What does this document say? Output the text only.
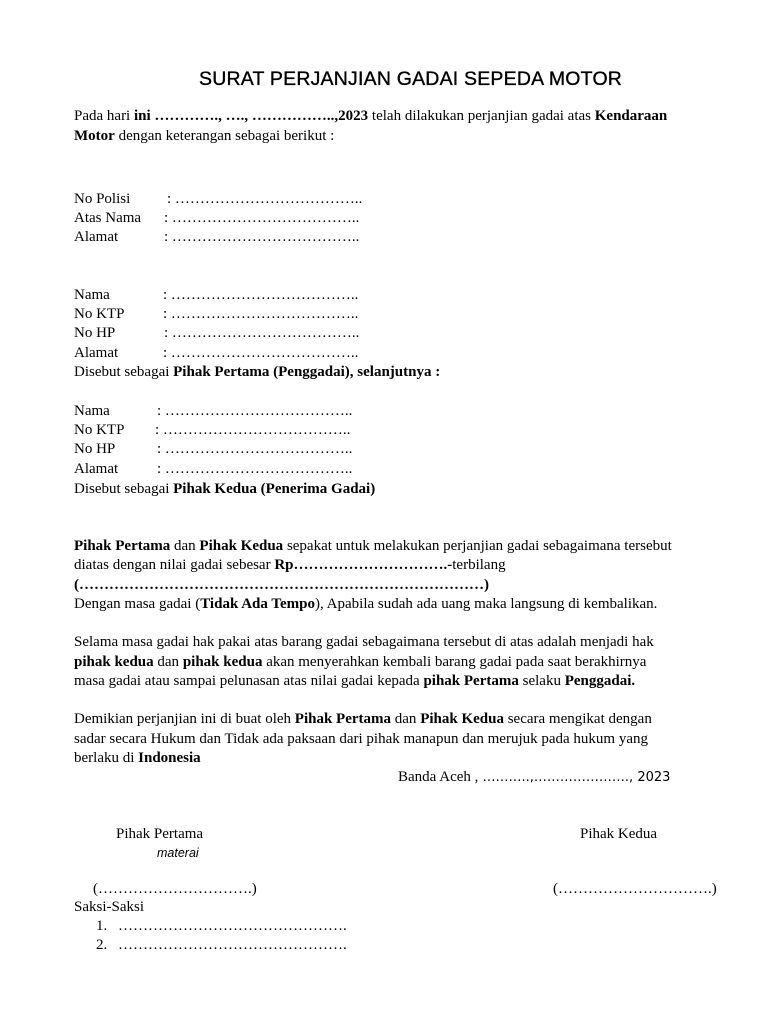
SURAT PERJANJIAN GADAI SEPEDA MOTOR
Pada hari ini …………., …., ……………..,2023 telah dilakukan perjanjian gadai atas Kendaraan
Motor dengan keterangan sebagai berikut :
No Polisi : ………………………………..
Atas Nama : ………………………………..
Alamat	: ………………………………..
Nama	: ………………………………..
No KTP	: ………………………………..
No HP	: ………………………………..
Alamat	: ………………………………..
Disebut sebagai Pihak Pertama (Penggadai), selanjutnya :
Nama	: ………………………………..
No KTP : ………………………………..
No HP	: ………………………………..
Alamat	: ………………………………..
Disebut sebagai Pihak Kedua (Penerima Gadai)
Pihak Pertama dan Pihak Kedua sepakat untuk melakukan perjanjian gadai sebagaimana tersebut
diatas dengan nilai gadai sebesar Rp………………………….-terbilang
(………………………………………………………………………)
Dengan masa gadai (Tidak Ada Tempo), Apabila sudah ada uang maka langsung di kembalikan.
Selama masa gadai hak pakai atas barang gadai sebagaimana tersebut di atas adalah menjadi hak
pihak kedua dan pihak kedua akan menyerahkan kembali barang gadai pada saat berakhirnya
masa gadai atau sampai pelunasan atas nilai gadai kepada pihak Pertama selaku Penggadai.
Demikian perjanjian ini di buat oleh Pihak Pertama dan Pihak Kedua secara mengikat dengan
sadar secara Hukum dan Tidak ada paksaan dari pihak manapun dan merujuk pada hukum yang
berlaku di Indonesia
Banda Aceh , ………..,…………………., 2023
Pihak Pertama
materai
Pihak Kedua
(………………………….)	(………………………….)
Saksi-Saksi
1. ……………………………………….
2. ……………………………………….
